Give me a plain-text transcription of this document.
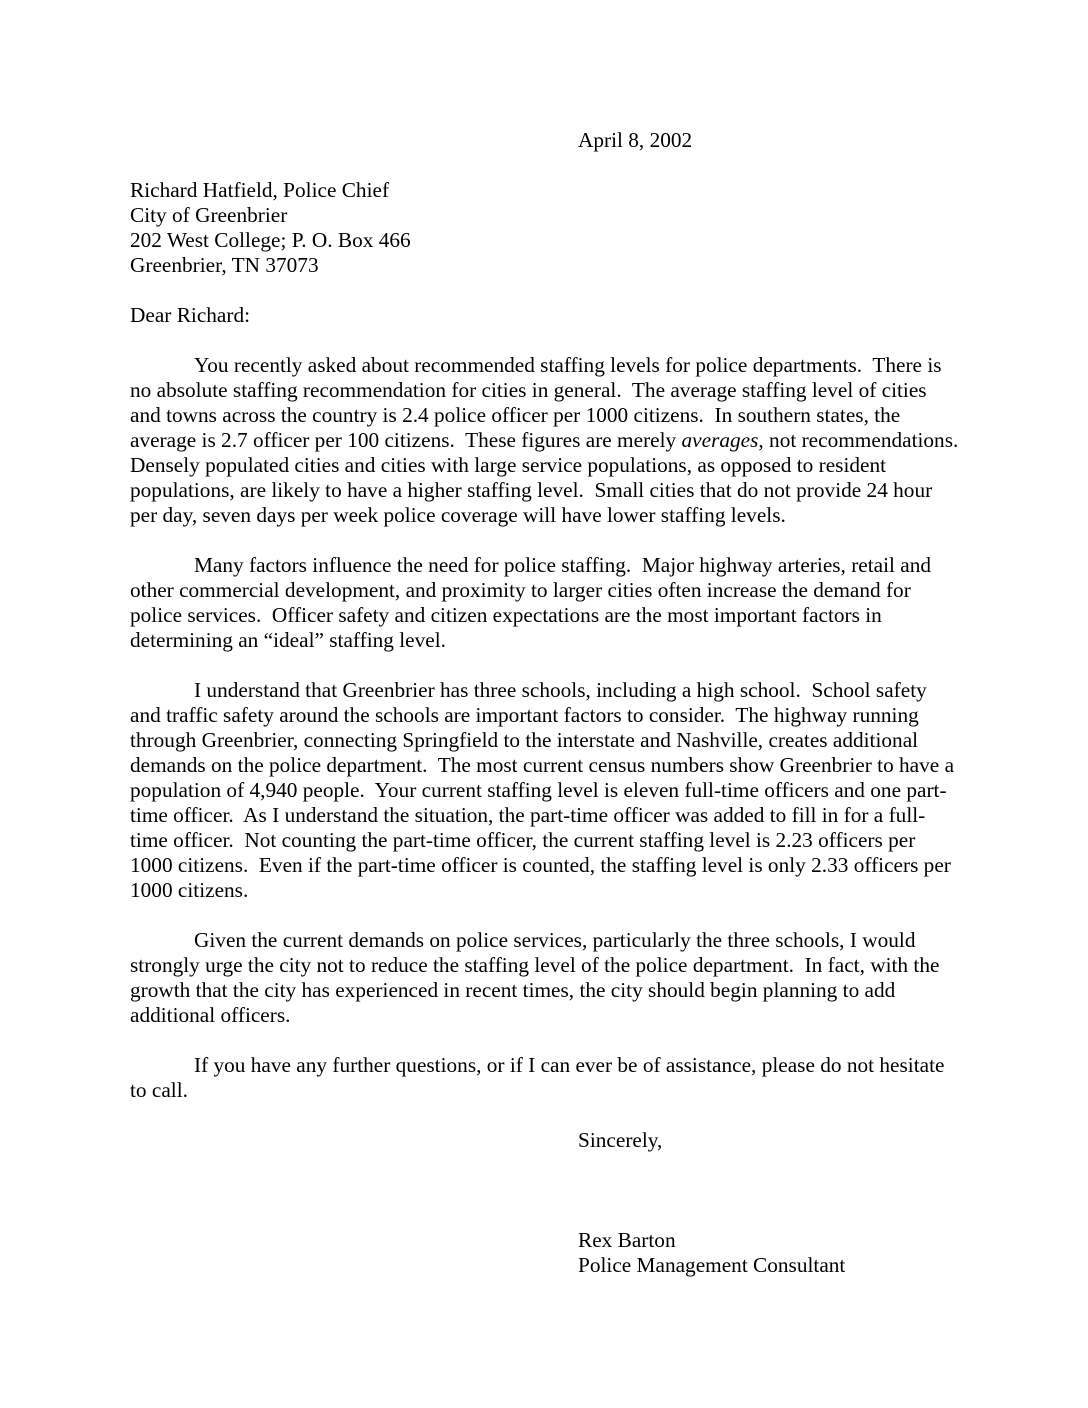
April 8, 2002
Richard Hatfield, Police Chief
City of Greenbrier
202 West College; P. O. Box 466
Greenbrier, TN 37073
Dear Richard:
You recently asked about recommended staffing levels for police departments.  There is no absolute staffing recommendation for cities in general.  The average staffing level of cities and towns across the country is 2.4 police officer per 1000 citizens.  In southern states, the average is 2.7 officer per 100 citizens.  These figures are merely averages, not recommendations.  Densely populated cities and cities with large service populations, as opposed to resident populations, are likely to have a higher staffing level.  Small cities that do not provide 24 hour per day, seven days per week police coverage will have lower staffing levels.
Many factors influence the need for police staffing.  Major highway arteries, retail and other commercial development, and proximity to larger cities often increase the demand for police services.  Officer safety and citizen expectations are the most important factors in determining an “ideal” staffing level.
I understand that Greenbrier has three schools, including a high school.  School safety and traffic safety around the schools are important factors to consider.  The highway running through Greenbrier, connecting Springfield to the interstate and Nashville, creates additional demands on the police department.  The most current census numbers show Greenbrier to have a population of 4,940 people.  Your current staffing level is eleven full-time officers and one part-time officer.  As I understand the situation, the part-time officer was added to fill in for a full-time officer.  Not counting the part-time officer, the current staffing level is 2.23 officers per 1000 citizens.  Even if the part-time officer is counted, the staffing level is only 2.33 officers per 1000 citizens.
Given the current demands on police services, particularly the three schools, I would strongly urge the city not to reduce the staffing level of the police department.  In fact, with the growth that the city has experienced in recent times, the city should begin planning to add additional officers.
If you have any further questions, or if I can ever be of assistance, please do not hesitate to call.
Sincerely,
Rex Barton
Police Management Consultant
